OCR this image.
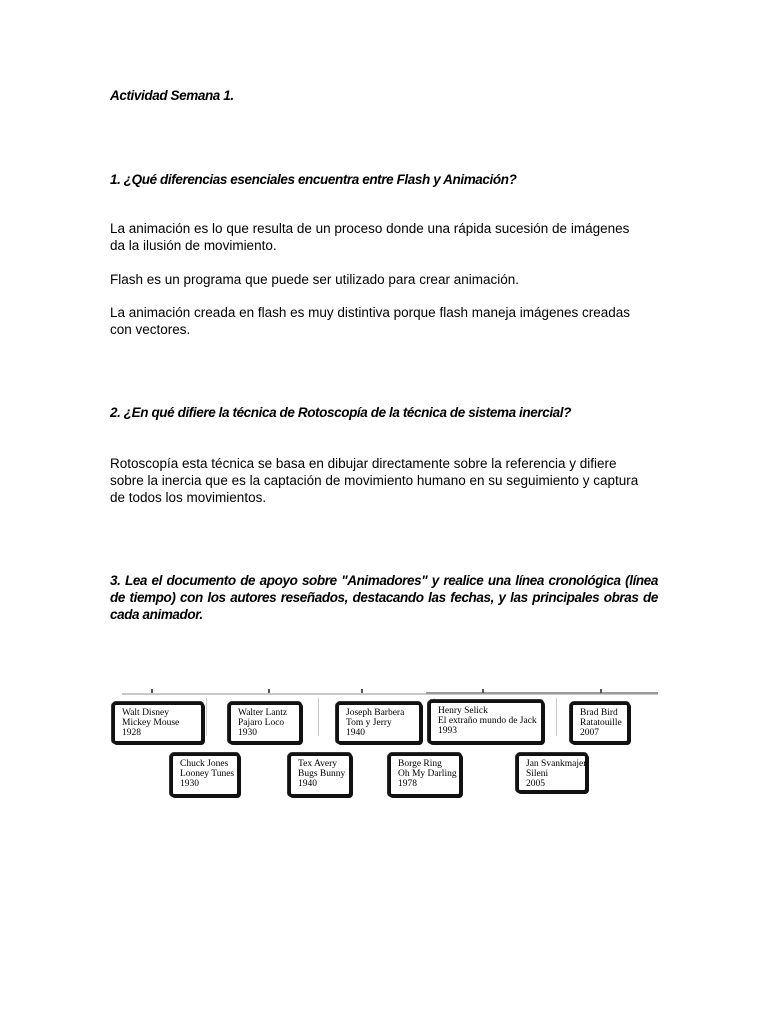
Actividad Semana 1.

1. ¿Qué diferencias esenciales encuentra entre Flash y Animación?

La animación es lo que resulta de un proceso donde una rápida sucesión de imágenes da la ilusión de movimiento.

Flash es un programa que puede ser utilizado para crear animación.

La animación creada en flash es muy distintiva porque flash maneja imágenes creadas con vectores.

2. ¿En qué difiere la técnica de Rotoscopía de la técnica de sistema inercial?

Rotoscopía esta técnica se basa en dibujar directamente sobre la referencia y difiere sobre la inercia que es la captación de movimiento humano en su seguimiento y captura de todos los movimientos.

3. Lea el documento de apoyo sobre "Animadores" y realice una línea cronológica (línea de tiempo) con los autores reseñados, destacando las fechas, y las principales obras de cada animador.

Walt Disney
Mickey Mouse
1928
Walter Lantz
Pajaro Loco
1930
Joseph Barbera
Tom y Jerry
1940
Henry Selick
El extraño mundo de Jack
1993
Brad Bird
Ratatouille
2007
Chuck Jones
Looney Tunes
1930
Tex Avery
Bugs Bunny
1940
Borge Ring
Oh My Darling
1978
Jan Svankmajer
Sileni
2005
